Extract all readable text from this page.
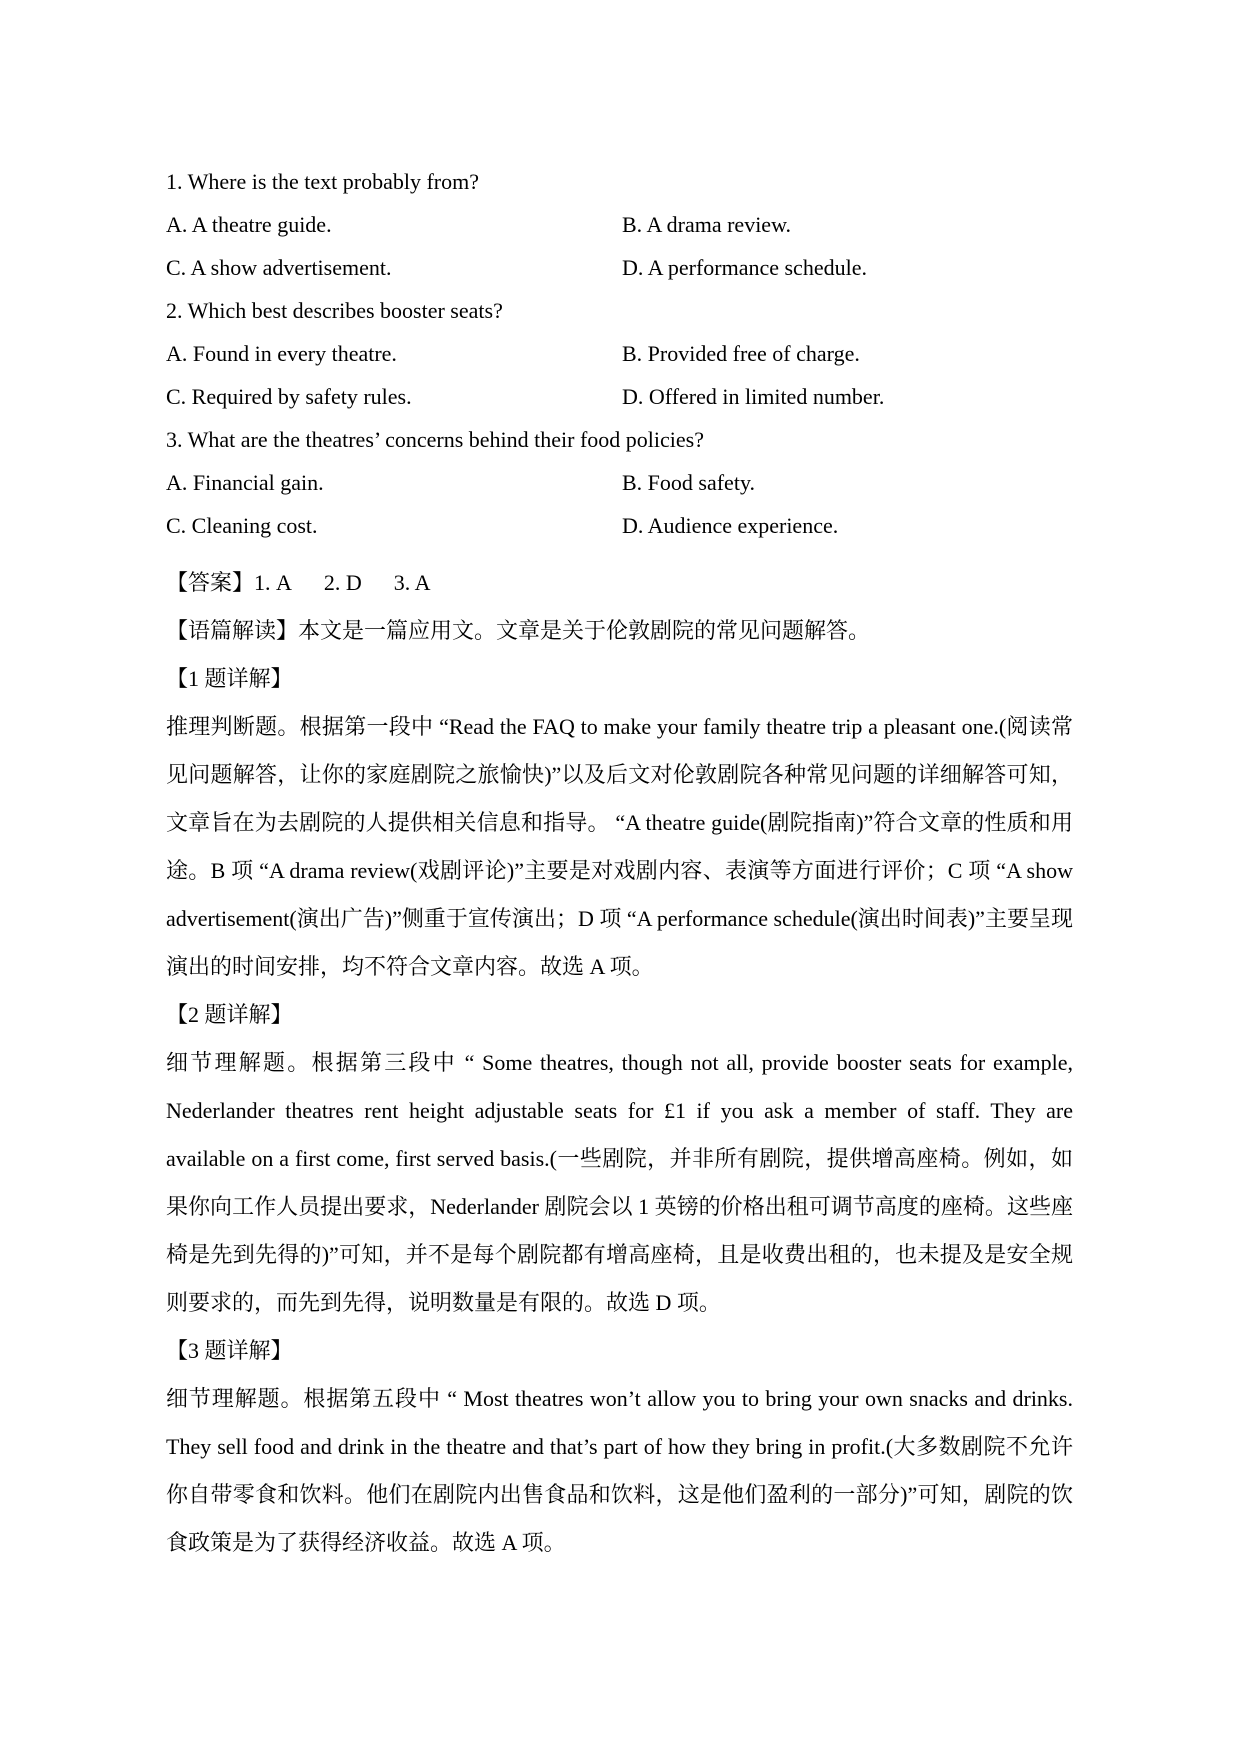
1. Where is the text probably from?
A. A theatre guide.	B. A drama review.
C. A show advertisement.	D. A performance schedule.
2. Which best describes booster seats?
A. Found in every theatre.	B. Provided free of charge.
C. Required by safety rules.	D. Offered in limited number.
3. What are the theatres’ concerns behind their food policies?
A. Financial gain.	B. Food safety.
C. Cleaning cost.	D. Audience experience.
【答案】1. A 2. D 3. A
【语篇解读】本文是一篇应用文。文章是关于伦敦剧院的常见问题解答。
【1 题详解】
推理判断题。根据第一段中 “Read the FAQ to make your family theatre trip a pleasant one.(阅读常见问题解答，让你的家庭剧院之旅愉快)”以及后文对伦敦剧院各种常见问题的详细解答可知，文章旨在为去剧院的人提供相关信息和指导。 “A theatre guide(剧院指南)”符合文章的性质和用途。B 项 “A drama review(戏剧评论)”主要是对戏剧内容、表演等方面进行评价；C 项 “A show advertisement(演出广告)”侧重于宣传演出；D 项 “A performance schedule(演出时间表)”主要呈现演出的时间安排，均不符合文章内容。故选 A 项。
【2 题详解】
细节理解题。根据第三段中 “ Some theatres, though not all, provide booster seats for example, Nederlander theatres rent height adjustable seats for £1 if you ask a member of staff. They are available on a first come, first served basis.(一些剧院，并非所有剧院，提供增高座椅。例如，如果你向工作人员提出要求，Nederlander 剧院会以 1 英镑的价格出租可调节高度的座椅。这些座椅是先到先得的)”可知，并不是每个剧院都有增高座椅，且是收费出租的，也未提及是安全规则要求的，而先到先得，说明数量是有限的。故选 D 项。
【3 题详解】
细节理解题。根据第五段中 “ Most theatres won’t allow you to bring your own snacks and drinks. They sell food and drink in the theatre and that’s part of how they bring in profit.(大多数剧院不允许你自带零食和饮料。他们在剧院内出售食品和饮料，这是他们盈利的一部分)”可知，剧院的饮食政策是为了获得经济收益。故选 A 项。
